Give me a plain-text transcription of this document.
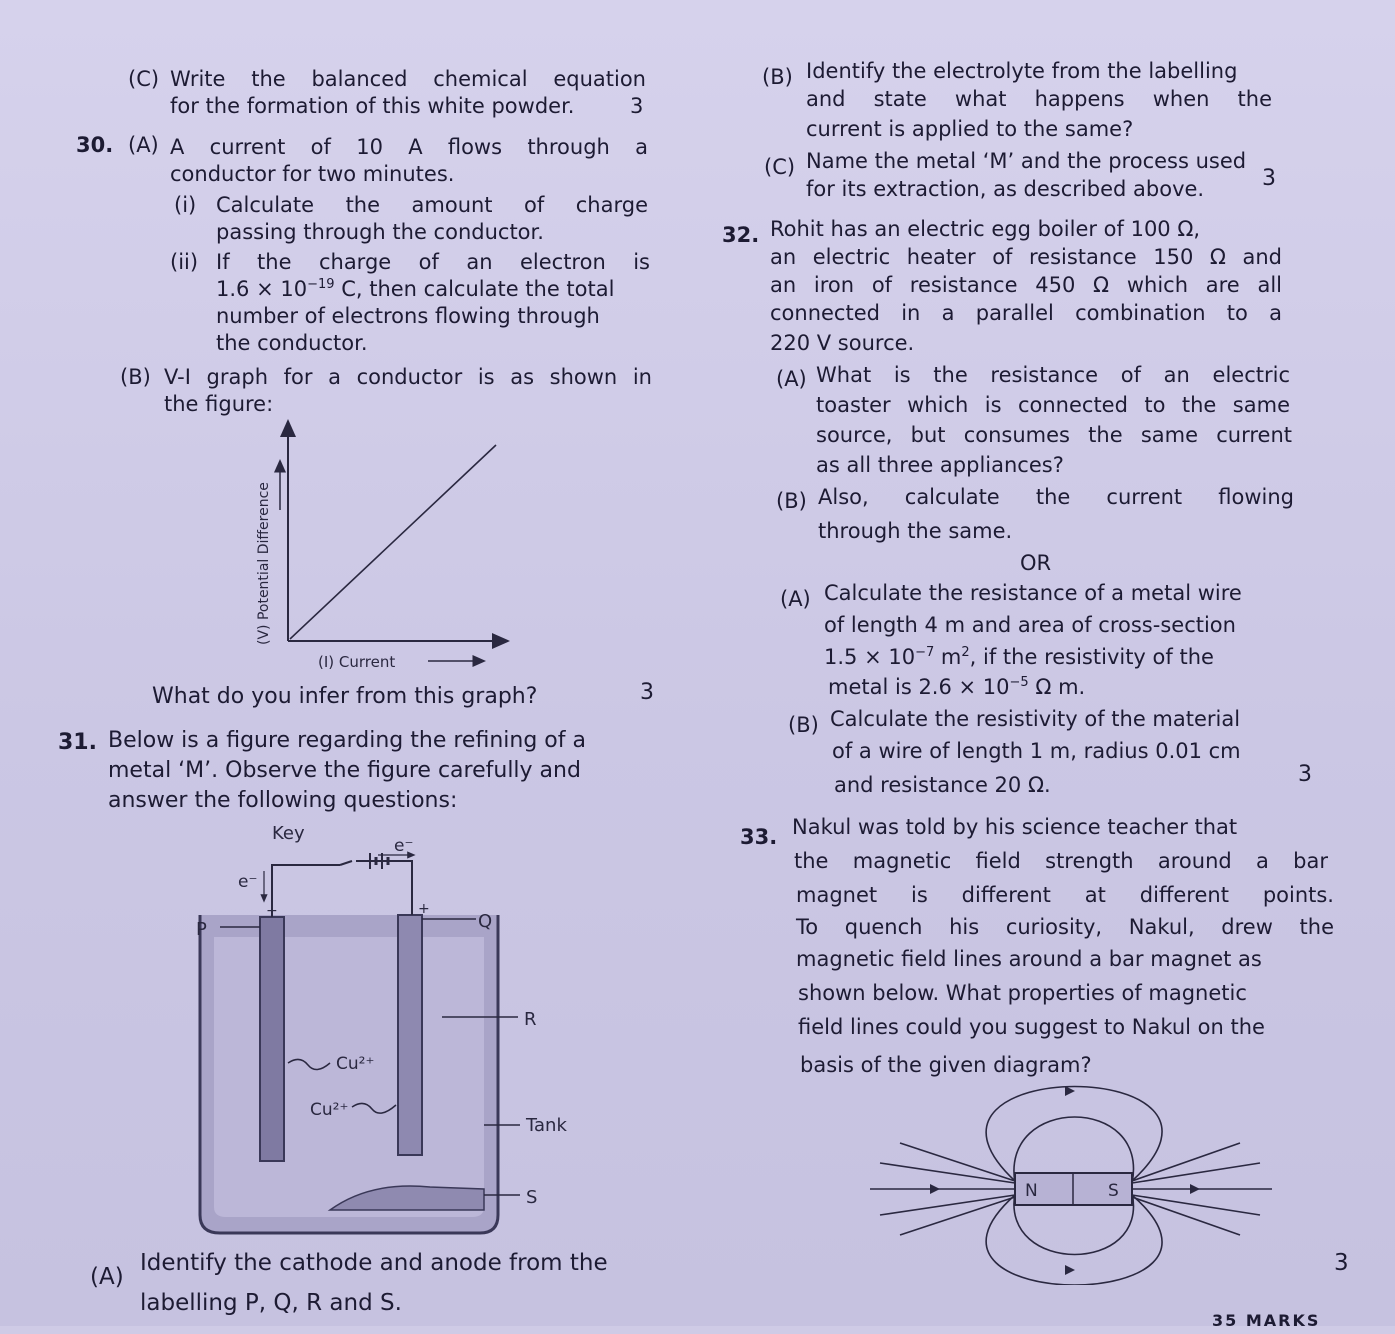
(C) Write the balanced chemical equation
for the formation of this white powder.	3
30. (A) A current of 10 A flows through a
conductor for two minutes.
(i) Calculate the amount of charge
passing through the conductor.
(ii) If the charge of an electron is
$1.6 \times 10^{-19}$ C, then calculate the total
number of electrons flowing through
the conductor.
(B) V-I graph for a conductor is as shown in
the figure:
(V) Potential Difference
(I) Current
What do you infer from this graph?	3
31. Below is a figure regarding the refining of a
metal ‘M’. Observe the figure carefully and
answer the following questions:
Key
e⁻
e⁻
−	+
P	Q
R
Tank
S
Cu²⁺
Cu²⁺
(A)
Identify the cathode and anode from the
labelling P, Q, R and S.
(B) Identify the electrolyte from the labelling
and state what happens when the
current is applied to the same?
(C) Name the metal ‘M’ and the process used
for its extraction, as described above.	3
32. Rohit has an electric egg boiler of 100 Ω,
an electric heater of resistance 150 Ω and
an iron of resistance 450 Ω which are all
connected in a parallel combination to a
220 V source.
(A) What is the resistance of an electric
toaster which is connected to the same
source, but consumes the same current
as all three appliances?
(B) Also, calculate the current flowing
through the same.
OR
(A) Calculate the resistance of a metal wire
of length 4 m and area of cross-section
$1.5 \times 10^{-7}$ $m^2$, if the resistivity of the
metal is $2.6 \times 10^{-5}$ Ω m.
(B) Calculate the resistivity of the material
of a wire of length 1 m, radius 0.01 cm
and resistance 20 Ω.	3
33. Nakul was told by his science teacher that
the magnetic field strength around a bar
magnet is different at different points.
To quench his curiosity, Nakul, drew the
magnetic field lines around a bar magnet as
shown below. What properties of magnetic
field lines could you suggest to Nakul on the
basis of the given diagram?
N	S
3
35 MARKS
